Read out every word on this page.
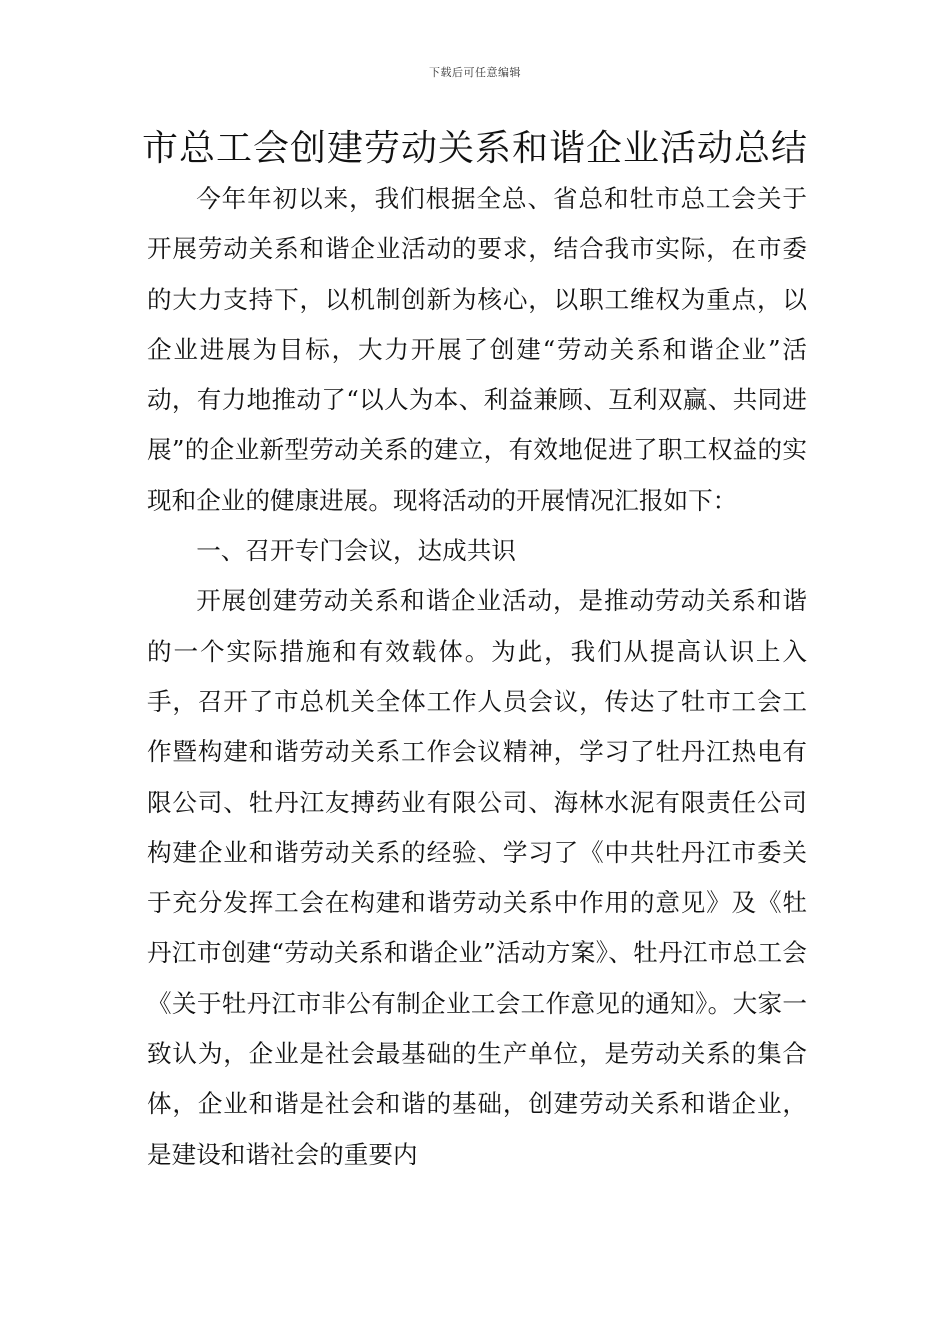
下载后可任意编辑
市总工会创建劳动关系和谐企业活动总结

今年年初以来，我们根据全总、省总和牡市总工会关于开展劳动关系和谐企业活动的要求，结合我市实际，在市委的大力支持下，以机制创新为核心，以职工维权为重点，以企业进展为目标，大力开展了创建“劳动关系和谐企业”活动，有力地推动了“以人为本、利益兼顾、互利双赢、共同进展”的企业新型劳动关系的建立，有效地促进了职工权益的实现和企业的健康进展。现将活动的开展情况汇报如下：

一、召开专门会议，达成共识

开展创建劳动关系和谐企业活动，是推动劳动关系和谐的一个实际措施和有效载体。为此，我们从提高认识上入手，召开了市总机关全体工作人员会议，传达了牡市工会工作暨构建和谐劳动关系工作会议精神，学习了牡丹江热电有限公司、牡丹江友搏药业有限公司、海林水泥有限责任公司构建企业和谐劳动关系的经验、学习了《中共牡丹江市委关于充分发挥工会在构建和谐劳动关系中作用的意见》及《牡丹江市创建“劳动关系和谐企业”活动方案》、牡丹江市总工会《关于牡丹江市非公有制企业工会工作意见的通知》。大家一致认为，企业是社会最基础的生产单位，是劳动关系的集合体，企业和谐是社会和谐的基础，创建劳动关系和谐企业，是建设和谐社会的重要内
